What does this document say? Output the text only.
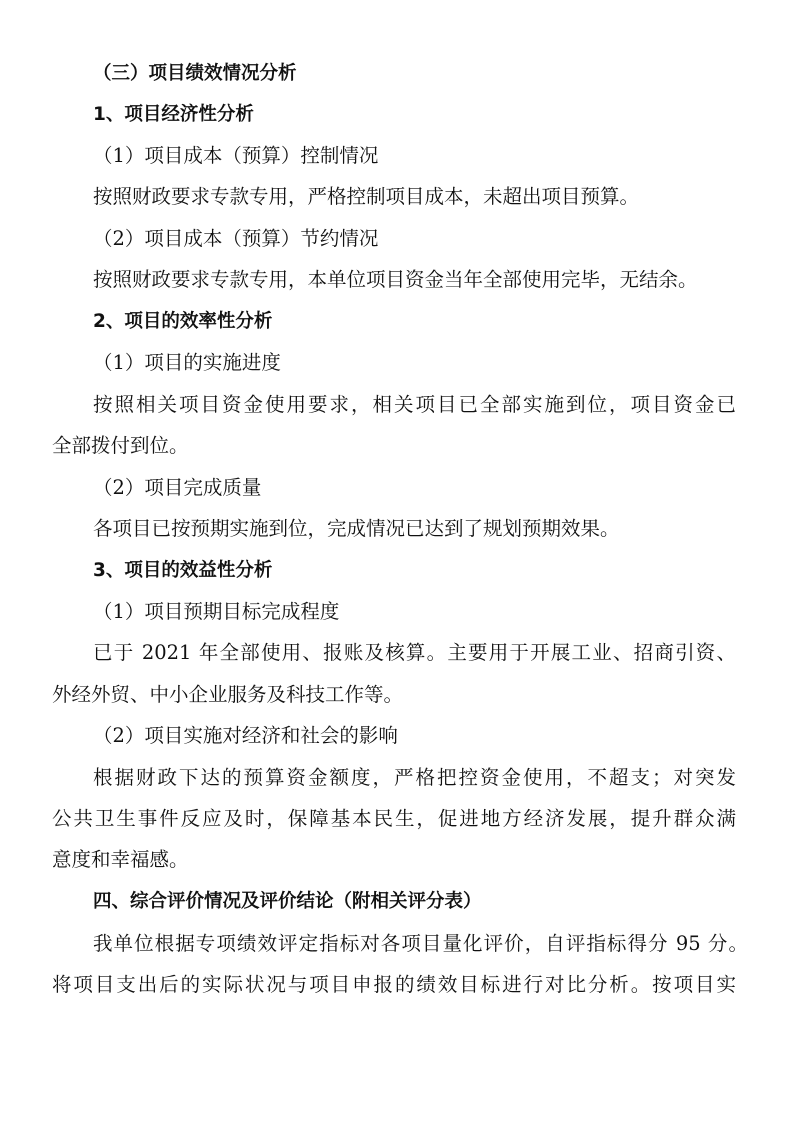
（三）项目绩效情况分析
1、项目经济性分析
（1）项目成本（预算）控制情况
按照财政要求专款专用，严格控制项目成本，未超出项目预算。
（2）项目成本（预算）节约情况
按照财政要求专款专用，本单位项目资金当年全部使用完毕，无结余。
2、项目的效率性分析
（1）项目的实施进度
按照相关项目资金使用要求，相关项目已全部实施到位，项目资金已
全部拨付到位。
（2）项目完成质量
各项目已按预期实施到位，完成情况已达到了规划预期效果。
3、项目的效益性分析
（1）项目预期目标完成程度
已于 2021 年全部使用、报账及核算。主要用于开展工业、招商引资、
外经外贸、中小企业服务及科技工作等。
（2）项目实施对经济和社会的影响
根据财政下达的预算资金额度，严格把控资金使用，不超支；对突发
公共卫生事件反应及时，保障基本民生，促进地方经济发展，提升群众满
意度和幸福感。
四、综合评价情况及评价结论（附相关评分表）
我单位根据专项绩效评定指标对各项目量化评价，自评指标得分 95 分。
将项目支出后的实际状况与项目申报的绩效目标进行对比分析。按项目实
